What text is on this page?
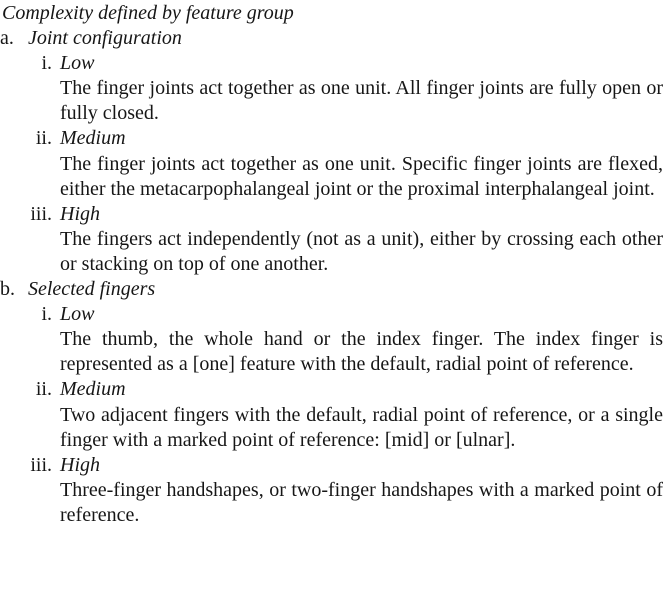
Complexity defined by feature group
a. Joint configuration
i. Low

The finger joints act together as one unit. All finger joints are fully open or fully closed.

ii. Medium

The finger joints act together as one unit. Specific finger joints are flexed, either the metacarpophalangeal joint or the proximal interphalangeal joint.

iii. High

The fingers act independently (not as a unit), either by crossing each other or stacking on top of one another.

b. Selected fingers
i. Low

The thumb, the whole hand or the index finger. The index finger is represented as a [one] feature with the default, radial point of reference.

ii. Medium

Two adjacent fingers with the default, radial point of reference, or a single finger with a marked point of reference: [mid] or [ulnar].

iii. High

Three-finger handshapes, or two-finger handshapes with a marked point of reference.
